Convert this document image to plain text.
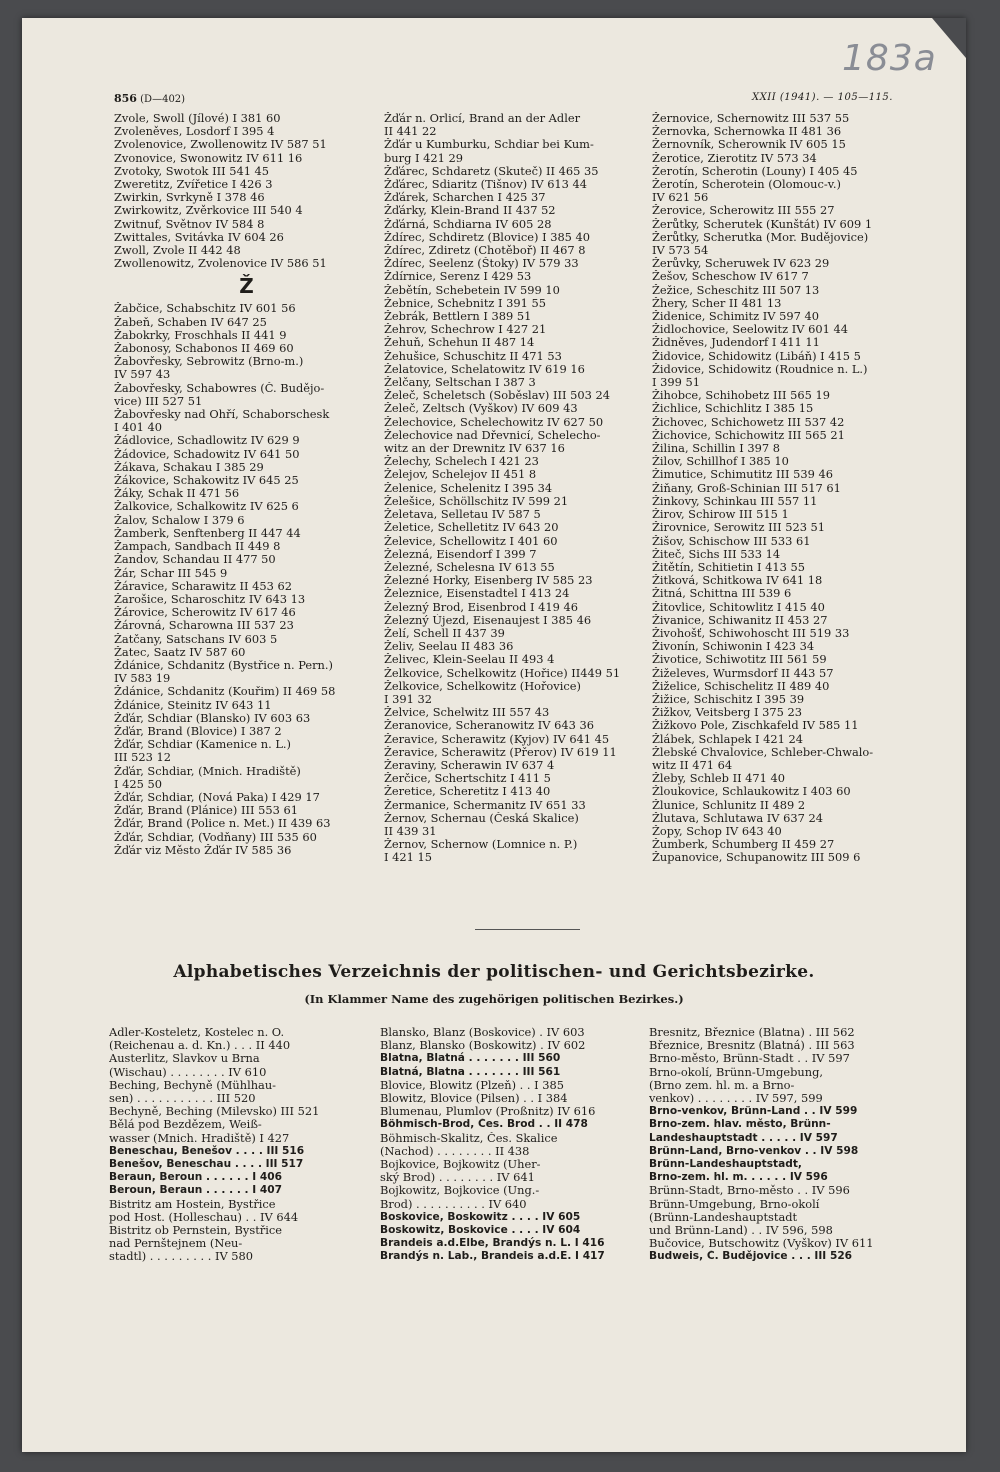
183a
856 (D—402)	XXII (1941). — 105—115.
Zvole, Swoll (Jílové) I 381 60
Zvoleněves, Losdorf I 395 4
Zvolenovice, Zwollenowitz IV 587 51
Zvonovice, Swonowitz IV 611 16
Zvotoky, Swotok III 541 45
Zweretitz, Zvířetice I 426 3
Zwirkin, Svrkyně I 378 46
Zwirkowitz, Zvěrkovice III 540 4
Zwitnuf, Světnov IV 584 8
Zwittales, Svitávka IV 604 26
Zwoll, Zvole II 442 48
Zwollenowitz, Zvolenovice IV 586 51
Ž
Žabčice, Schabschitz IV 601 56
Žabeň, Schaben IV 647 25
Žabokrky, Froschhals II 441 9
Žabonosy, Schabonos II 469 60
Žabovřesky, Sebrowitz (Brno-m.)
IV 597 43
Žabovřesky, Schabowres (Č. Budějo-
vice) III 527 51
Žabovřesky nad Ohří, Schaborschesk
I 401 40
Žádlovice, Schadlowitz IV 629 9
Žádovice, Schadowitz IV 641 50
Žákava, Schakau I 385 29
Žákovice, Schakowitz IV 645 25
Žáky, Schak II 471 56
Žalkovice, Schalkowitz IV 625 6
Žalov, Schalow I 379 6
Žamberk, Senftenberg II 447 44
Žampach, Sandbach II 449 8
Žandov, Schandau II 477 50
Žár, Schar III 545 9
Žáravice, Scharawitz II 453 62
Žarošice, Scharoschitz IV 643 13
Žárovice, Scherowitz IV 617 46
Žárovná, Scharowna III 537 23
Žatčany, Satschans IV 603 5
Žatec, Saatz IV 587 60
Ždánice, Schdanitz (Bystřice n. Pern.)
IV 583 19
Ždánice, Schdanitz (Kouřim) II 469 58
Ždánice, Steinitz IV 643 11
Žďár, Schdiar (Blansko) IV 603 63
Žďár, Brand (Blovice) I 387 2
Žďár, Schdiar (Kamenice n. L.)
III 523 12
Žďár, Schdiar, (Mnich. Hradiště)
I 425 50
Žďár, Schdiar, (Nová Paka) I 429 17
Žďár, Brand (Plánice) III 553 61
Žďár, Brand (Police n. Met.) II 439 63
Žďár, Schdiar, (Vodňany) III 535 60
Žďár viz Město Žďár IV 585 36
Žďár n. Orlicí, Brand an der Adler
II 441 22
Žďár u Kumburku, Schdiar bei Kum-
burg I 421 29
Žďárec, Schdaretz (Skuteč) II 465 35
Žďárec, Sdiaritz (Tišnov) IV 613 44
Žďárek, Scharchen I 425 37
Žďárky, Klein-Brand II 437 52
Žďárná, Schdiarna IV 605 28
Ždírec, Schdiretz (Blovice) I 385 40
Ždírec, Zdiretz (Chotěboř) II 467 8
Ždírec, Seelenz (Štoky) IV 579 33
Ždírnice, Serenz I 429 53
Žebětín, Schebetein IV 599 10
Žebnice, Schebnitz I 391 55
Žebrák, Bettlern I 389 51
Žehrov, Schechrow I 427 21
Žehuň, Schehun II 487 14
Žehušice, Schuschitz II 471 53
Želatovice, Schelatowitz IV 619 16
Želčany, Seltschan I 387 3
Želeč, Scheletsch (Soběslav) III 503 24
Želeč, Zeltsch (Vyškov) IV 609 43
Želechovice, Schelechowitz IV 627 50
Želechovice nad Dřevnicí, Schelecho-
witz an der Drewnitz IV 637 16
Želechy, Schelech I 421 23
Želejov, Schelejov II 451 8
Želenice, Schelenitz I 395 34
Želešice, Schöllschitz IV 599 21
Želetava, Selletau IV 587 5
Želetice, Schelletitz IV 643 20
Želevice, Schellowitz I 401 60
Železná, Eisendorf I 399 7
Železné, Schelesna IV 613 55
Železné Horky, Eisenberg IV 585 23
Železnice, Eisenstadtel I 413 24
Železný Brod, Eisenbrod I 419 46
Železný Újezd, Eisenaujest I 385 46
Želí, Schell II 437 39
Želiv, Seelau II 483 36
Želivec, Klein-Seelau II 493 4
Želkovice, Schelkowitz (Hořice) II449 51
Želkovice, Schelkowitz (Hořovice)
I 391 32
Želvice, Schelwitz III 557 43
Žeranovice, Scheranowitz IV 643 36
Žeravice, Scherawitz (Kyjov) IV 641 45
Žeravice, Scherawitz (Přerov) IV 619 11
Žeraviny, Scherawin IV 637 4
Žerčice, Schertschitz I 411 5
Žeretice, Scheretitz I 413 40
Žermanice, Schermanitz IV 651 33
Žernov, Schernau (Česká Skalice)
II 439 31
Žernov, Schernow (Lomnice n. P.)
I 421 15
Žernovice, Schernowitz III 537 55
Žernovka, Schernowka II 481 36
Žernovník, Scherownik IV 605 15
Žerotice, Zierotitz IV 573 34
Žerotín, Scherotin (Louny) I 405 45
Žerotín, Scherotein (Olomouc-v.)
IV 621 56
Žerovice, Scherowitz III 555 27
Žerůtky, Scherutek (Kunštát) IV 609 1
Žerůtky, Scherutka (Mor. Budějovice)
IV 573 54
Žerůvky, Scheruwek IV 623 29
Žešov, Scheschow IV 617 7
Žežice, Scheschitz III 507 13
Žhery, Scher II 481 13
Židenice, Schimitz IV 597 40
Židlochovice, Seelowitz IV 601 44
Židněves, Judendorf I 411 11
Židovice, Schidowitz (Libáň) I 415 5
Židovice, Schidowitz (Roudnice n. L.)
I 399 51
Žihobce, Schihobetz III 565 19
Žichlice, Schichlitz I 385 15
Žichovec, Schichowetz III 537 42
Žichovice, Schichowitz III 565 21
Žilina, Schillin I 397 8
Žilov, Schillhof I 385 10
Žimutice, Schimutitz III 539 46
Žiňany, Groß-Schinian III 517 61
Žinkovy, Schinkau III 557 11
Žirov, Schirow III 515 1
Žirovnice, Serowitz III 523 51
Žišov, Schischow III 533 61
Žiteč, Sichs III 533 14
Žitětín, Schitietin I 413 55
Žitková, Schitkowa IV 641 18
Žitná, Schittna III 539 6
Žitovlice, Schitowlitz I 415 40
Živanice, Schiwanitz II 453 27
Živohošť, Schiwohoscht III 519 33
Živonín, Schiwonin I 423 34
Životice, Schiwotitz III 561 59
Žiželeves, Wurmsdorf II 443 57
Žiželice, Schischelitz II 489 40
Žižice, Schischitz I 395 39
Žižkov, Veitsberg I 375 23
Žižkovo Pole, Zischkafeld IV 585 11
Žlábek, Schlapek I 421 24
Žlebské Chvalovice, Schleber-Chwalo-
witz II 471 64
Žleby, Schleb II 471 40
Žloukovice, Schlaukowitz I 403 60
Žlunice, Schlunitz II 489 2
Žlutava, Schlutawa IV 637 24
Žopy, Schop IV 643 40
Žumberk, Schumberg II 459 27
Županovice, Schupanowitz III 509 6
Alphabetisches Verzeichnis der politischen- und Gerichtsbezirke.
(In Klammer Name des zugehörigen politischen Bezirkes.)
Adler-Kosteletz, Kostelec n. O.
(Reichenau a. d. Kn.) . . . II 440
Austerlitz, Slavkov u Brna
(Wischau) . . . . . . . . IV 610
Beching, Bechyně (Mühlhau-
sen) . . . . . . . . . . . III 520
Bechyně, Beching (Milevsko) III 521
Bělá pod Bezdězem, Weiß-
wasser (Mnich. Hradiště) I 427
Beneschau, Benešov . . . . III 516
Benešov, Beneschau . . . . III 517
Beraun, Beroun . . . . . . I 406
Beroun, Beraun . . . . . . I 407
Bistritz am Hostein, Bystřice
pod Host. (Holleschau) . . IV 644
Bistritz ob Pernstein, Bystřice
nad Pernštejnem (Neu-
stadtl) . . . . . . . . . IV 580
Blansko, Blanz (Boskovice) . IV 603
Blanz, Blansko (Boskowitz) . IV 602
Blatna, Blatná . . . . . . . III 560
Blatná, Blatna . . . . . . . III 561
Blovice, Blowitz (Plzeň) . . I 385
Blowitz, Blovice (Pilsen) . . I 384
Blumenau, Plumlov (Proßnitz) IV 616
Böhmisch-Brod, Čes. Brod . . II 478
Böhmisch-Skalitz, Čes. Skalice
(Nachod) . . . . . . . . II 438
Bojkovice, Bojkowitz (Uher-
ský Brod) . . . . . . . . IV 641
Bojkowitz, Bojkovice (Ung.-
Brod) . . . . . . . . . . IV 640
Boskovice, Boskowitz . . . . IV 605
Boskowitz, Boskovice . . . . IV 604
Brandeis a.d.Elbe, Brandýs n. L. I 416
Brandýs n. Lab., Brandeis a.d.E. I 417
Bresnitz, Březnice (Blatna) . III 562
Březnice, Bresnitz (Blatná) . III 563
Brno-město, Brünn-Stadt . . IV 597
Brno-okolí, Brünn-Umgebung,
(Brno zem. hl. m. a Brno-
venkov) . . . . . . . . IV 597, 599
Brno-venkov, Brünn-Land . . IV 599
Brno-zem. hlav. město, Brünn-
Landeshauptstadt . . . . . IV 597
Brünn-Land, Brno-venkov . . IV 598
Brünn-Landeshauptstadt,
Brno-zem. hl. m. . . . . . IV 596
Brünn-Stadt, Brno-město . . IV 596
Brünn-Umgebung, Brno-okolí
(Brünn-Landeshauptstadt
und Brünn-Land) . . IV 596, 598
Bučovice, Butschowitz (Vyškov) IV 611
Budweis, Č. Budějovice . . . III 526
